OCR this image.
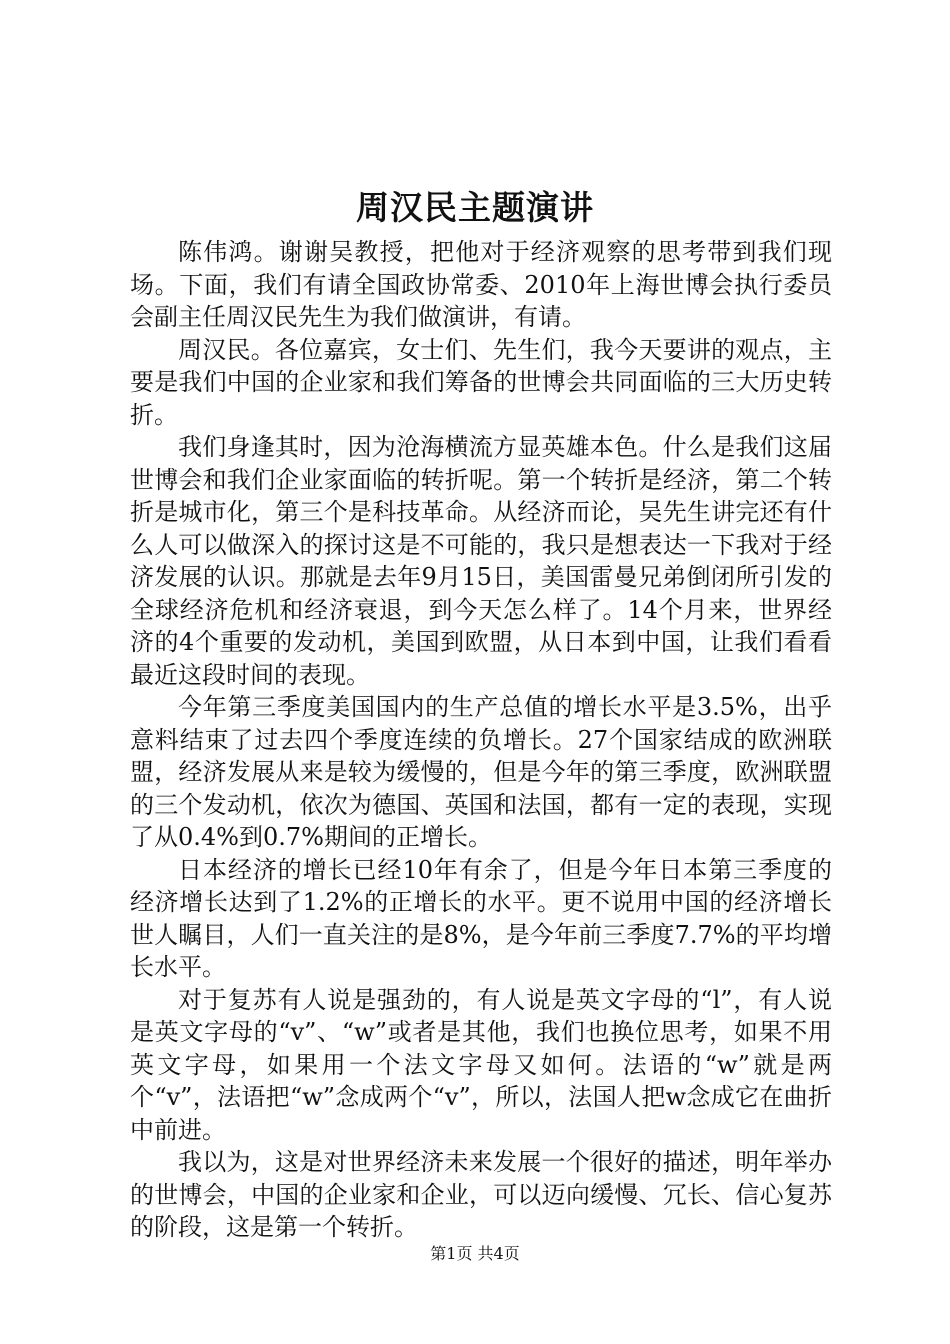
周汉民主题演讲

陈伟鸿。谢谢吴教授，把他对于经济观察的思考带到我们现场。下面，我们有请全国政协常委、2010年上海世博会执行委员会副主任周汉民先生为我们做演讲，有请。

周汉民。各位嘉宾，女士们、先生们，我今天要讲的观点，主要是我们中国的企业家和我们筹备的世博会共同面临的三大历史转折。

我们身逢其时，因为沧海横流方显英雄本色。什么是我们这届世博会和我们企业家面临的转折呢。第一个转折是经济，第二个转折是城市化，第三个是科技革命。从经济而论，吴先生讲完还有什么人可以做深入的探讨这是不可能的，我只是想表达一下我对于经济发展的认识。那就是去年9月15日，美国雷曼兄弟倒闭所引发的全球经济危机和经济衰退，到今天怎么样了。14个月来，世界经济的4个重要的发动机，美国到欧盟，从日本到中国，让我们看看最近这段时间的表现。

今年第三季度美国国内的生产总值的增长水平是3.5%，出乎意料结束了过去四个季度连续的负增长。27个国家结成的欧洲联盟，经济发展从来是较为缓慢的，但是今年的第三季度，欧洲联盟的三个发动机，依次为德国、英国和法国，都有一定的表现，实现了从0.4%到0.7%期间的正增长。

日本经济的增长已经10年有余了，但是今年日本第三季度的经济增长达到了1.2%的正增长的水平。更不说用中国的经济增长世人瞩目，人们一直关注的是8%，是今年前三季度7.7%的平均增长水平。

对于复苏有人说是强劲的，有人说是英文字母的“l”，有人说是英文字母的“v”、“w”或者是其他，我们也换位思考，如果不用英文字母，如果用一个法文字母又如何。法语的“w”就是两个“v”，法语把“w”念成两个“v”，所以，法国人把w念成它在曲折中前进。

我以为，这是对世界经济未来发展一个很好的描述，明年举办的世博会，中国的企业家和企业，可以迈向缓慢、冗长、信心复苏的阶段，这是第一个转折。

第1页 共4页
